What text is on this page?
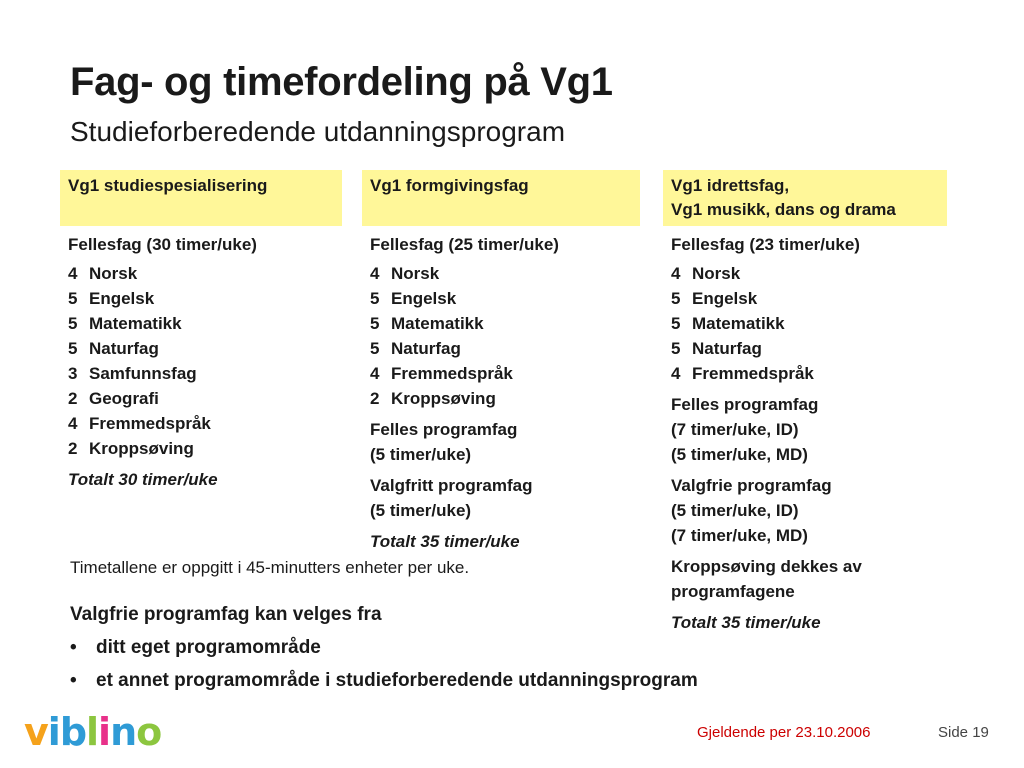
Fag- og timefordeling på Vg1
Studieforberedende utdanningsprogram
Vg1 studiespesialisering
Fellesfag (30 timer/uke)
4 Norsk
5 Engelsk
5 Matematikk
5 Naturfag
3 Samfunnsfag
2 Geografi
4 Fremmedspråk
2 Kroppsøving
Totalt 30 timer/uke
Vg1 formgivingsfag
Fellesfag (25 timer/uke)
4 Norsk
5 Engelsk
5 Matematikk
5 Naturfag
4 Fremmedspråk
2 Kroppsøving
Felles programfag
(5 timer/uke)
Valgfritt programfag
(5 timer/uke)
Totalt 35 timer/uke
Vg1 idrettsfag,
Vg1 musikk, dans og drama
Fellesfag (23 timer/uke)
4 Norsk
5 Engelsk
5 Matematikk
5 Naturfag
4 Fremmedspråk
Felles programfag
(7 timer/uke, ID)
(5 timer/uke, MD)
Valgfrie programfag
(5 timer/uke, ID)
(7 timer/uke, MD)
Kroppsøving dekkes av
programfagene
Totalt 35 timer/uke
Timetallene er oppgitt i 45-minutters enheter per uke.
Valgfrie programfag kan velges fra
•	ditt eget programområde
•	et annet programområde i studieforberedende utdanningsprogram
viblino	Gjeldende per 23.10.2006	Side 19
